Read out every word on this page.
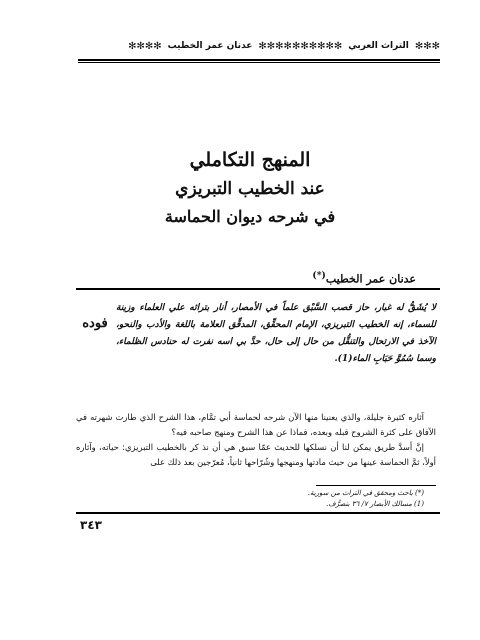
✻✻✻
التراث العربي
✻✻✻✻✻✻✻✻✻✻
عدنان عمر الخطيب
✻✻✻✻
المنهج التكاملي
عند الخطيب التبريزي
في شرحه ديوان الحماسة
عدنان عمر الخطيب(*)
لا يُشَقُّ له غبار، حاز قصب السَّبْق علماً في الأمصار، أنار بتراثه علي العلماء وزينة للسماء، إنه الخطيب التبريزي، الإمام المحقِّق، المدقِّق العلامة باللغة والأدب والنحو، الآخذ في الارتحال والتنقُّل من حال إلى حال، حدَّ بي اسه نفرت له حنادس الظلماء، وسما سُمُوَّ حَبَابِ الماء(1).
فوده

آثاره كثيرة جليلة، والذي يعنينا منها الآن شرحه لحماسة أبي تمَّام، هذا الشرح الذي طارت شهرته في الآفاق على كثرة الشروح قبله وبعده، فماذا عن هذا الشرح ومنهج صاحبه فيه؟

إنَّ أسدَّ طريق يمكن لنا أن نسلكها للحديث عمّا سبق هي أن نذ كر بالخطيب التبريزي: حياته، وآثاره أولاً، ثمَّ الحماسة عينها من حيث مادتها ومنهجها وشُرّاحها ثانياً، مُعرّجين بعد ذلك على

(*) باحث ومحقق في التراث من سورية.
(1) مسالك الأبصار ٧/ ٣٦ بتصرُّف.
٣٤٣
